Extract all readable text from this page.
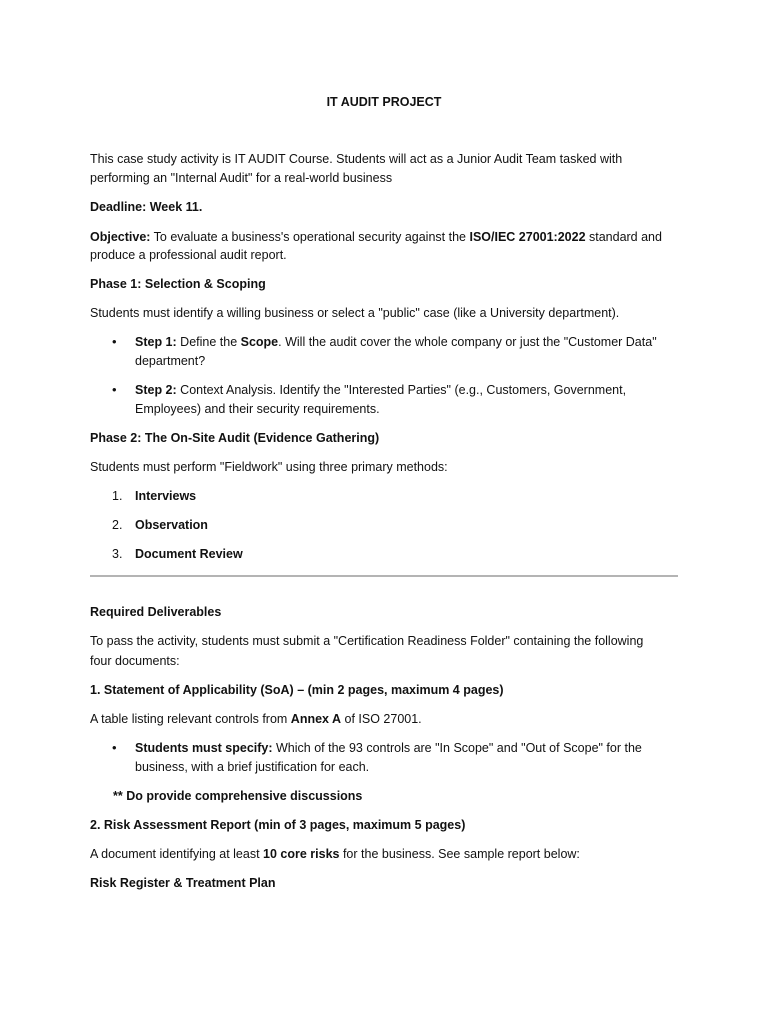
IT AUDIT PROJECT
This case study activity is IT AUDIT Course. Students will act as a Junior Audit Team tasked with
performing an "Internal Audit" for a real-world business
Deadline: Week 11.
Objective: To evaluate a business's operational security against the ISO/IEC 27001:2022 standard and
produce a professional audit report.
Phase 1: Selection & Scoping
Students must identify a willing business or select a "public" case (like a University department).
• Step 1: Define the Scope. Will the audit cover the whole company or just the "Customer Data"
department?
• Step 2: Context Analysis. Identify the "Interested Parties" (e.g., Customers, Government,
Employees) and their security requirements.
Phase 2: The On-Site Audit (Evidence Gathering)
Students must perform "Fieldwork" using three primary methods:
1. Interviews
2. Observation
3. Document Review
Required Deliverables
To pass the activity, students must submit a "Certification Readiness Folder" containing the following
four documents:
1. Statement of Applicability (SoA) – (min 2 pages, maximum 4 pages)
A table listing relevant controls from Annex A of ISO 27001.
• Students must specify: Which of the 93 controls are "In Scope" and "Out of Scope" for the
business, with a brief justification for each.
** Do provide comprehensive discussions
2. Risk Assessment Report (min of 3 pages, maximum 5 pages)
A document identifying at least 10 core risks for the business. See sample report below:
Risk Register & Treatment Plan
